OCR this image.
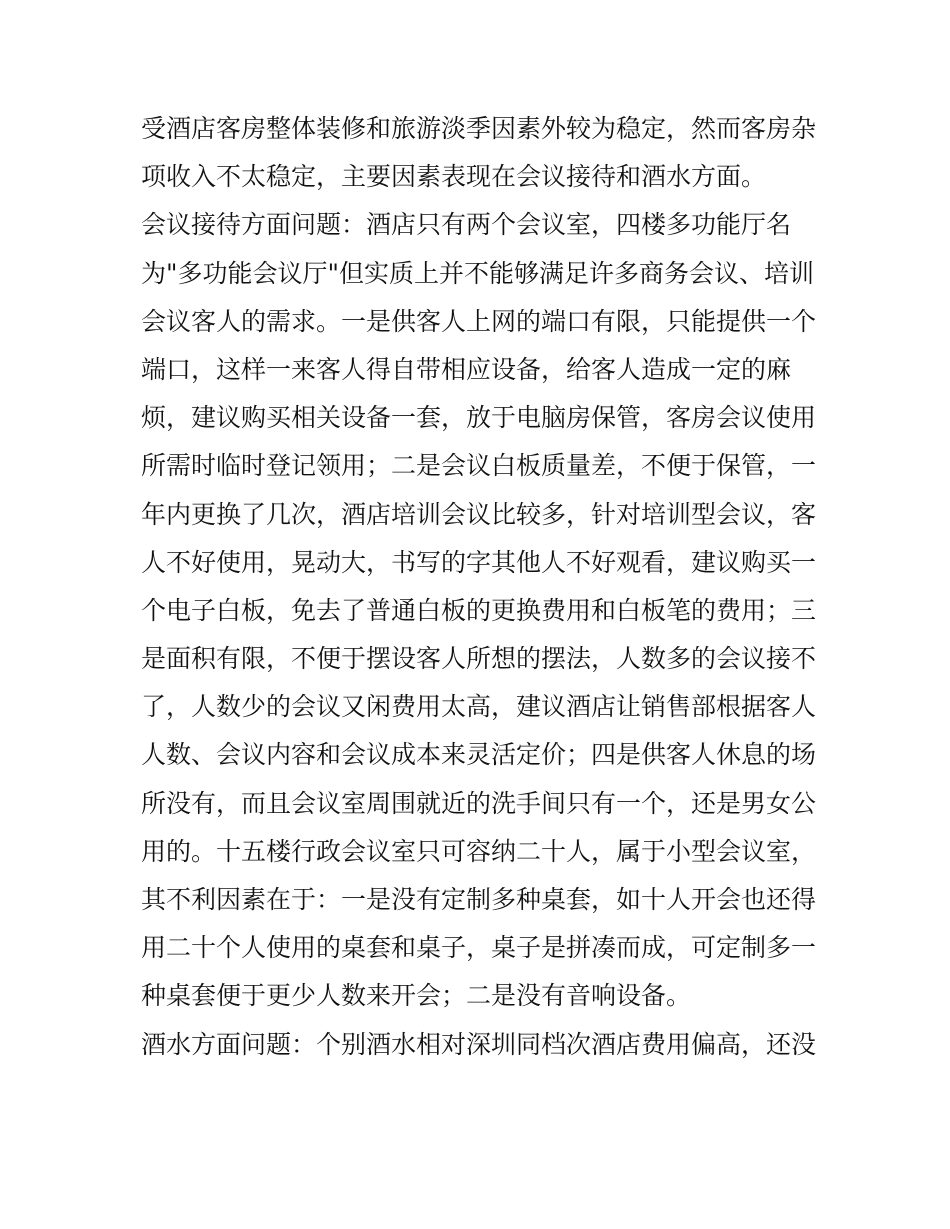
受酒店客房整体装修和旅游淡季因素外较为稳定，然而客房杂
项收入不太稳定，主要因素表现在会议接待和酒水方面。
会议接待方面问题：酒店只有两个会议室，四楼多功能厅名
为"多功能会议厅"但实质上并不能够满足许多商务会议、培训
会议客人的需求。一是供客人上网的端口有限，只能提供一个
端口，这样一来客人得自带相应设备，给客人造成一定的麻
烦，建议购买相关设备一套，放于电脑房保管，客房会议使用
所需时临时登记领用；二是会议白板质量差，不便于保管，一
年内更换了几次，酒店培训会议比较多，针对培训型会议，客
人不好使用，晃动大，书写的字其他人不好观看，建议购买一
个电子白板，免去了普通白板的更换费用和白板笔的费用；三
是面积有限，不便于摆设客人所想的摆法，人数多的会议接不
了，人数少的会议又闲费用太高，建议酒店让销售部根据客人
人数、会议内容和会议成本来灵活定价；四是供客人休息的场
所没有，而且会议室周围就近的洗手间只有一个，还是男女公
用的。十五楼行政会议室只可容纳二十人，属于小型会议室，
其不利因素在于：一是没有定制多种桌套，如十人开会也还得
用二十个人使用的桌套和桌子，桌子是拼凑而成，可定制多一
种桌套便于更少人数来开会；二是没有音响设备。
酒水方面问题：个别酒水相对深圳同档次酒店费用偏高，还没
